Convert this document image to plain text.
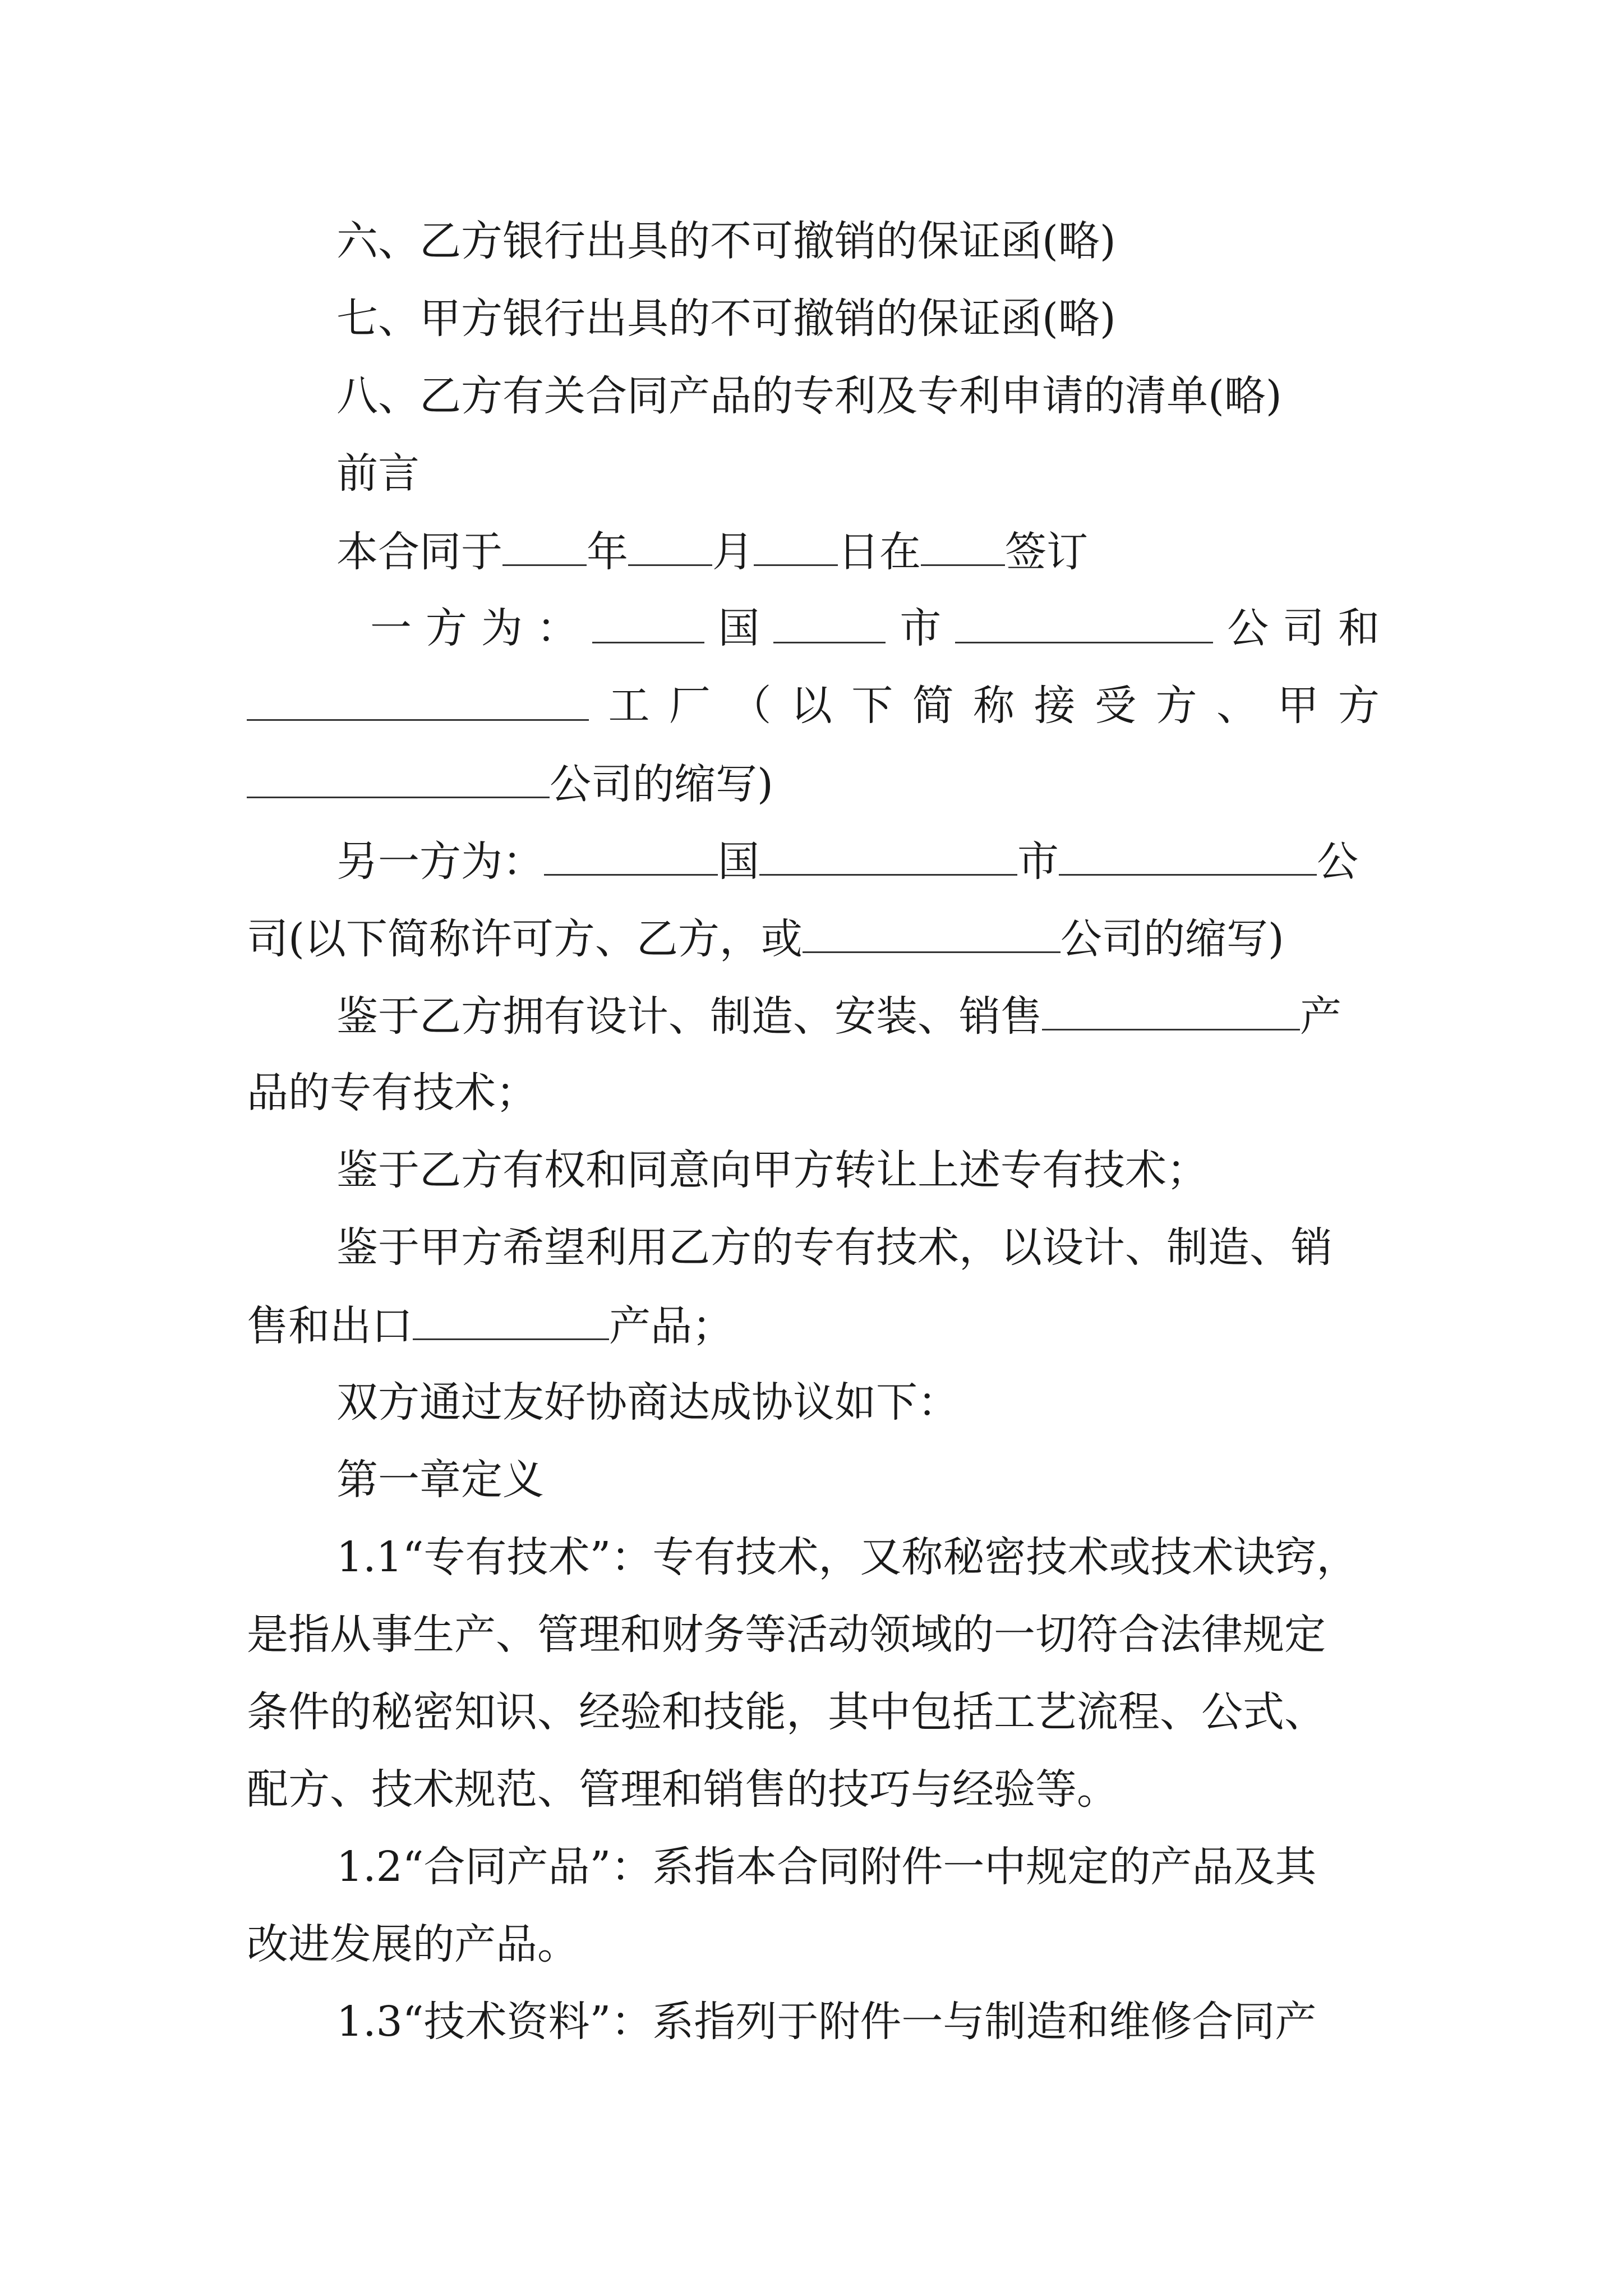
六、乙方银行出具的不可撤销的保证函(略)
七、甲方银行出具的不可撤销的保证函(略)
八、乙方有关合同产品的专利及专利申请的清单(略)
前言
本合同于 年 月 日在 签订
一 方 为 ：	国	市	公 司 和
工 厂 （ 以 下 简 称 接 受 方 、 甲 方
公司的缩写)
另一方为：	国	市	公
司(以下简称许可方、乙方，或	公司的缩写)
鉴于乙方拥有设计、制造、安装、销售	产
品的专有技术；
鉴于乙方有权和同意向甲方转让上述专有技术；
鉴于甲方希望利用乙方的专有技术，以设计、制造、销
售和出口	产品；
双方通过友好协商达成协议如下：
第一章定义
1.1“专有技术”：专有技术，又称秘密技术或技术诀窍，
是指从事生产、管理和财务等活动领域的一切符合法律规定
条件的秘密知识、经验和技能，其中包括工艺流程、公式、
配方、技术规范、管理和销售的技巧与经验等。
1.2“合同产品”：系指本合同附件一中规定的产品及其
改进发展的产品。
1.3“技术资料”：系指列于附件一与制造和维修合同产
